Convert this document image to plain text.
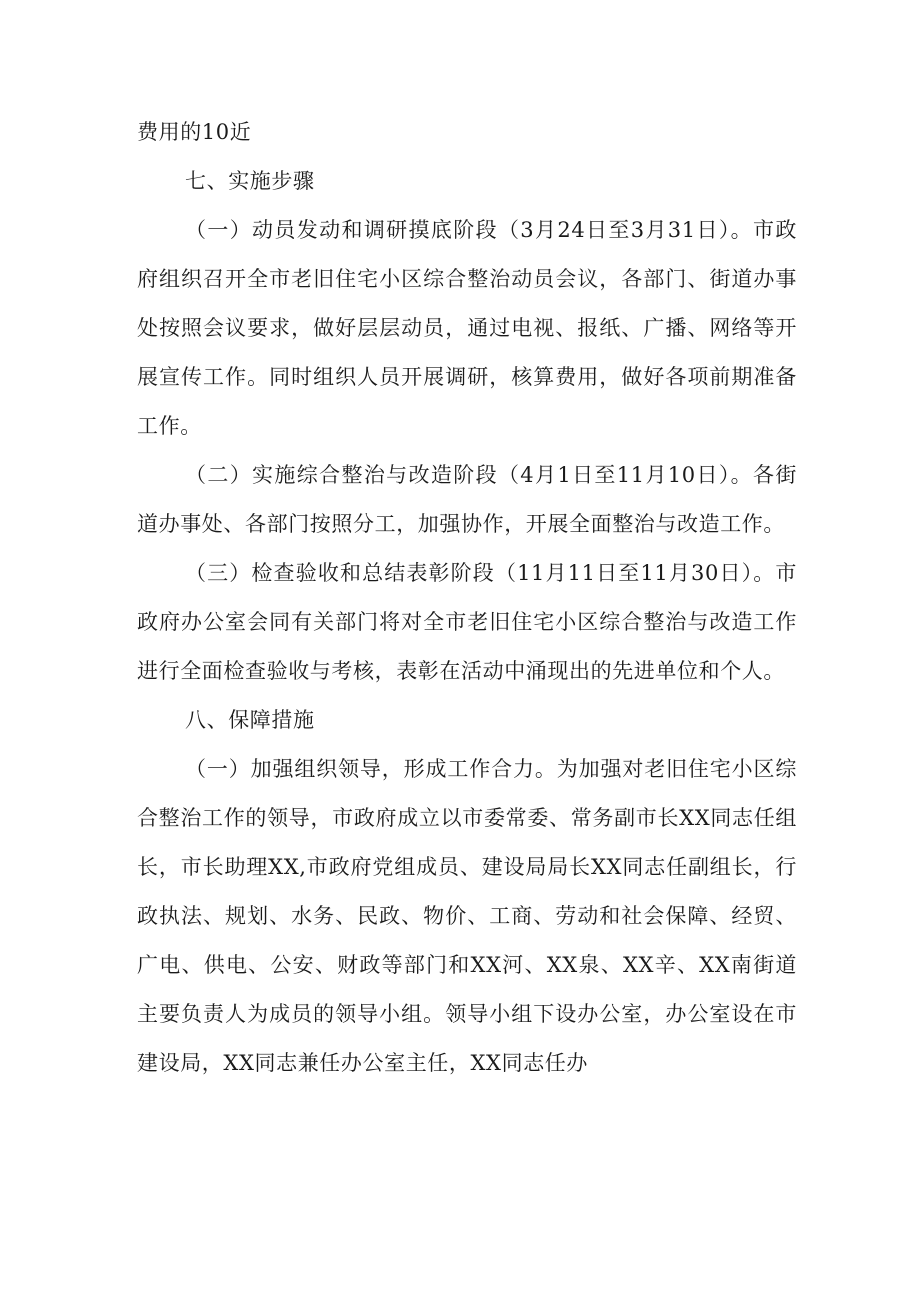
费用的10近

七、实施步骤

（一）动员发动和调研摸底阶段（3月24日至3月31日）。市政府组织召开全市老旧住宅小区综合整治动员会议，各部门、街道办事处按照会议要求，做好层层动员，通过电视、报纸、广播、网络等开展宣传工作。同时组织人员开展调研，核算费用，做好各项前期准备工作。

（二）实施综合整治与改造阶段（4月1日至11月10日）。各街道办事处、各部门按照分工，加强协作，开展全面整治与改造工作。

（三）检查验收和总结表彰阶段（11月11日至11月30日）。市政府办公室会同有关部门将对全市老旧住宅小区综合整治与改造工作进行全面检查验收与考核，表彰在活动中涌现出的先进单位和个人。

八、保障措施

（一）加强组织领导，形成工作合力。为加强对老旧住宅小区综合整治工作的领导，市政府成立以市委常委、常务副市长XX同志任组长，市长助理XX,市政府党组成员、建设局局长XX同志任副组长，行政执法、规划、水务、民政、物价、工商、劳动和社会保障、经贸、广电、供电、公安、财政等部门和XX河、XX泉、XX辛、XX南街道主要负责人为成员的领导小组。领导小组下设办公室，办公室设在市建设局，XX同志兼任办公室主任，XX同志任办
